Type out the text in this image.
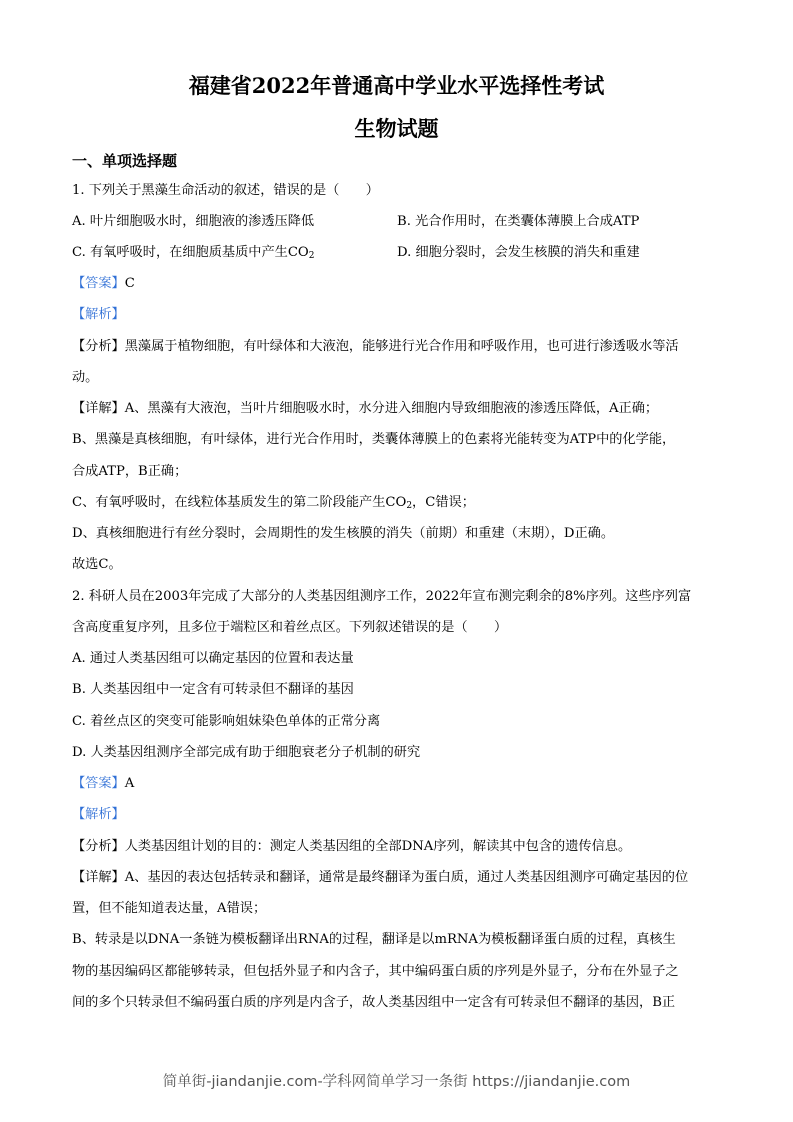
福建省2022年普通高中学业水平选择性考试
生物试题
一、单项选择题
1. 下列关于黑藻生命活动的叙述，错误的是（　　）
A. 叶片细胞吸水时，细胞液的渗透压降低	B. 光合作用时，在类囊体薄膜上合成ATP
C. 有氧呼吸时，在细胞质基质中产生$CO_2$	D. 细胞分裂时，会发生核膜的消失和重建
【答案】C
【解析】
【分析】黑藻属于植物细胞，有叶绿体和大液泡，能够进行光合作用和呼吸作用，也可进行渗透吸水等活
动。
【详解】A、黑藻有大液泡，当叶片细胞吸水时，水分进入细胞内导致细胞液的渗透压降低，A正确；
B、黑藻是真核细胞，有叶绿体，进行光合作用时，类囊体薄膜上的色素将光能转变为ATP中的化学能，
合成ATP，B正确；
C、有氧呼吸时，在线粒体基质发生的第二阶段能产生$CO_2$，C错误；
D、真核细胞进行有丝分裂时，会周期性的发生核膜的消失（前期）和重建（末期），D正确。
故选C。
2. 科研人员在2003年完成了大部分的人类基因组测序工作，2022年宣布测完剩余的8%序列。这些序列富
含高度重复序列，且多位于端粒区和着丝点区。下列叙述错误的是（　　）
A. 通过人类基因组可以确定基因的位置和表达量
B. 人类基因组中一定含有可转录但不翻译的基因
C. 着丝点区的突变可能影响姐妹染色单体的正常分离
D. 人类基因组测序全部完成有助于细胞衰老分子机制的研究
【答案】A
【解析】
【分析】人类基因组计划的目的：测定人类基因组的全部DNA序列，解读其中包含的遗传信息。
【详解】A、基因的表达包括转录和翻译，通常是最终翻译为蛋白质，通过人类基因组测序可确定基因的位
置，但不能知道表达量，A错误；
B、转录是以DNA一条链为模板翻译出RNA的过程，翻译是以mRNA为模板翻译蛋白质的过程，真核生
物的基因编码区都能够转录，但包括外显子和内含子，其中编码蛋白质的序列是外显子，分布在外显子之
间的多个只转录但不编码蛋白质的序列是内含子，故人类基因组中一定含有可转录但不翻译的基因，B正
简单街-jiandanjie.com-学科网简单学习一条街 https://jiandanjie.com
